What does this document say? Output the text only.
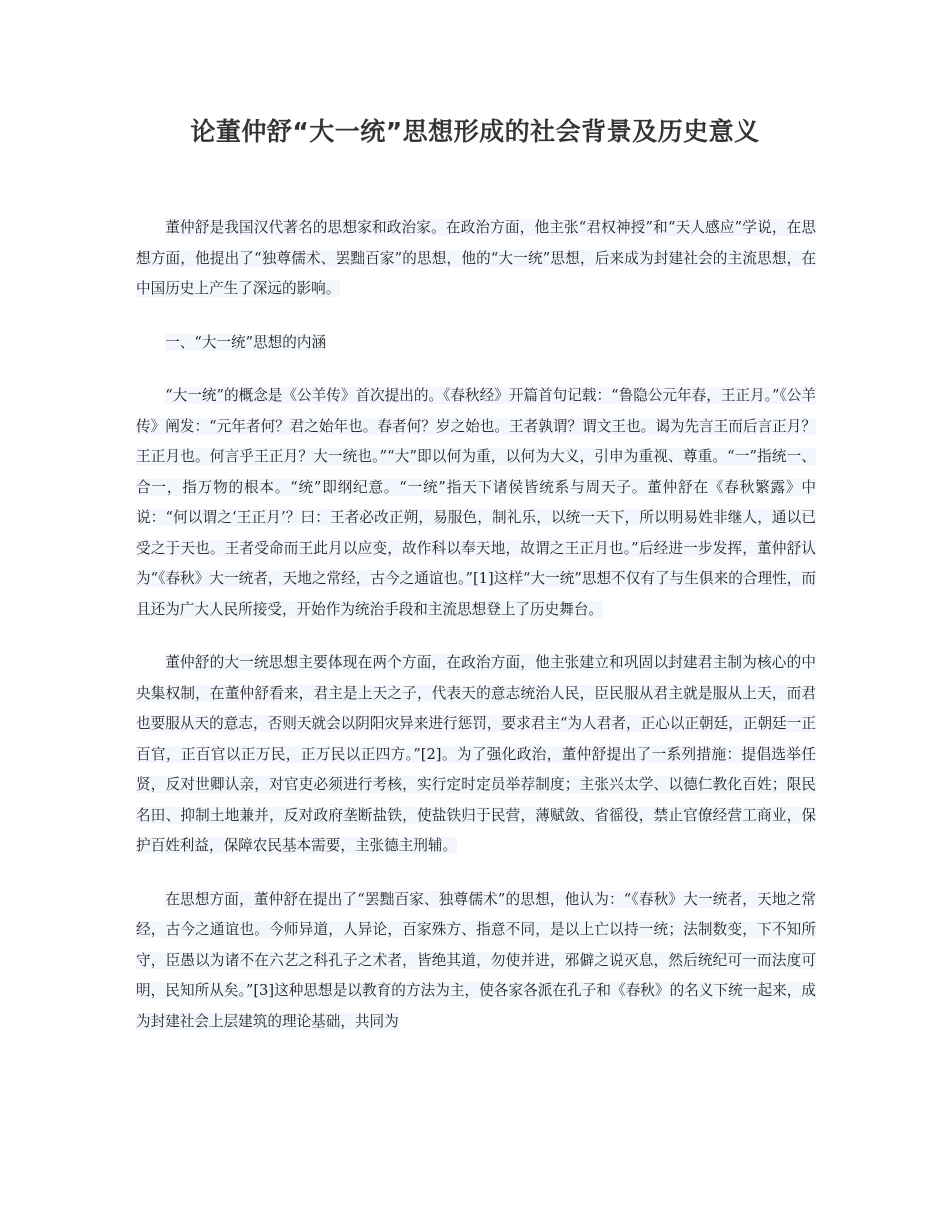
论董仲舒“大一统”思想形成的社会背景及历史意义

董仲舒是我国汉代著名的思想家和政治家。在政治方面，他主张“君权神授”和“天人感应”学说，在思想方面，他提出了“独尊儒术、罢黜百家”的思想，他的“大一统”思想，后来成为封建社会的主流思想，在中国历史上产生了深远的影响。

一、“大一统”思想的内涵

“大一统”的概念是《公羊传》首次提出的。《春秋经》开篇首句记载：“鲁隐公元年春，王正月。”《公羊传》阐发：“元年者何？君之始年也。春者何？岁之始也。王者孰谓？谓文王也。谒为先言王而后言正月？王正月也。何言乎王正月？大一统也。”“大”即以何为重，以何为大义，引申为重视、尊重。“一”指统一、合一，指万物的根本。“统”即纲纪意。“一统”指天下诸侯皆统系与周天子。董仲舒在《春秋繁露》中说：“何以谓之‘王正月’？曰：王者必改正朔，易服色，制礼乐，以统一天下，所以明易姓非继人，通以已受之于天也。王者受命而王此月以应变，故作科以奉天地，故谓之王正月也。”后经进一步发挥，董仲舒认为“《春秋》大一统者，天地之常经，古今之通谊也。”[1]这样“大一统”思想不仅有了与生俱来的合理性，而且还为广大人民所接受，开始作为统治手段和主流思想登上了历史舞台。

董仲舒的大一统思想主要体现在两个方面，在政治方面，他主张建立和巩固以封建君主制为核心的中央集权制，在董仲舒看来，君主是上天之子，代表天的意志统治人民，臣民服从君主就是服从上天，而君也要服从天的意志，否则天就会以阴阳灾异来进行惩罚，要求君主“为人君者，正心以正朝廷，正朝廷一正百官，正百官以正万民，正万民以正四方。”[2]。为了强化政治，董仲舒提出了一系列措施：提倡选举任贤，反对世卿认亲，对官吏必须进行考核，实行定时定员举荐制度；主张兴太学、以德仁教化百姓；限民名田、抑制土地兼并，反对政府垄断盐铁，使盐铁归于民营，薄赋敛、省徭役，禁止官僚经营工商业，保护百姓利益，保障农民基本需要，主张德主刑辅。

在思想方面，董仲舒在提出了“罢黜百家、独尊儒术”的思想，他认为：“《春秋》大一统者，天地之常经，古今之通谊也。今师异道，人异论，百家殊方、指意不同，是以上亡以持一统；法制数变，下不知所守，臣愚以为诸不在六艺之科孔子之术者，皆绝其道，勿使并进，邪僻之说灭息，然后统纪可一而法度可明，民知所从矣。”[3]这种思想是以教育的方法为主，使各家各派在孔子和《春秋》的名义下统一起来，成为封建社会上层建筑的理论基础，共同为
